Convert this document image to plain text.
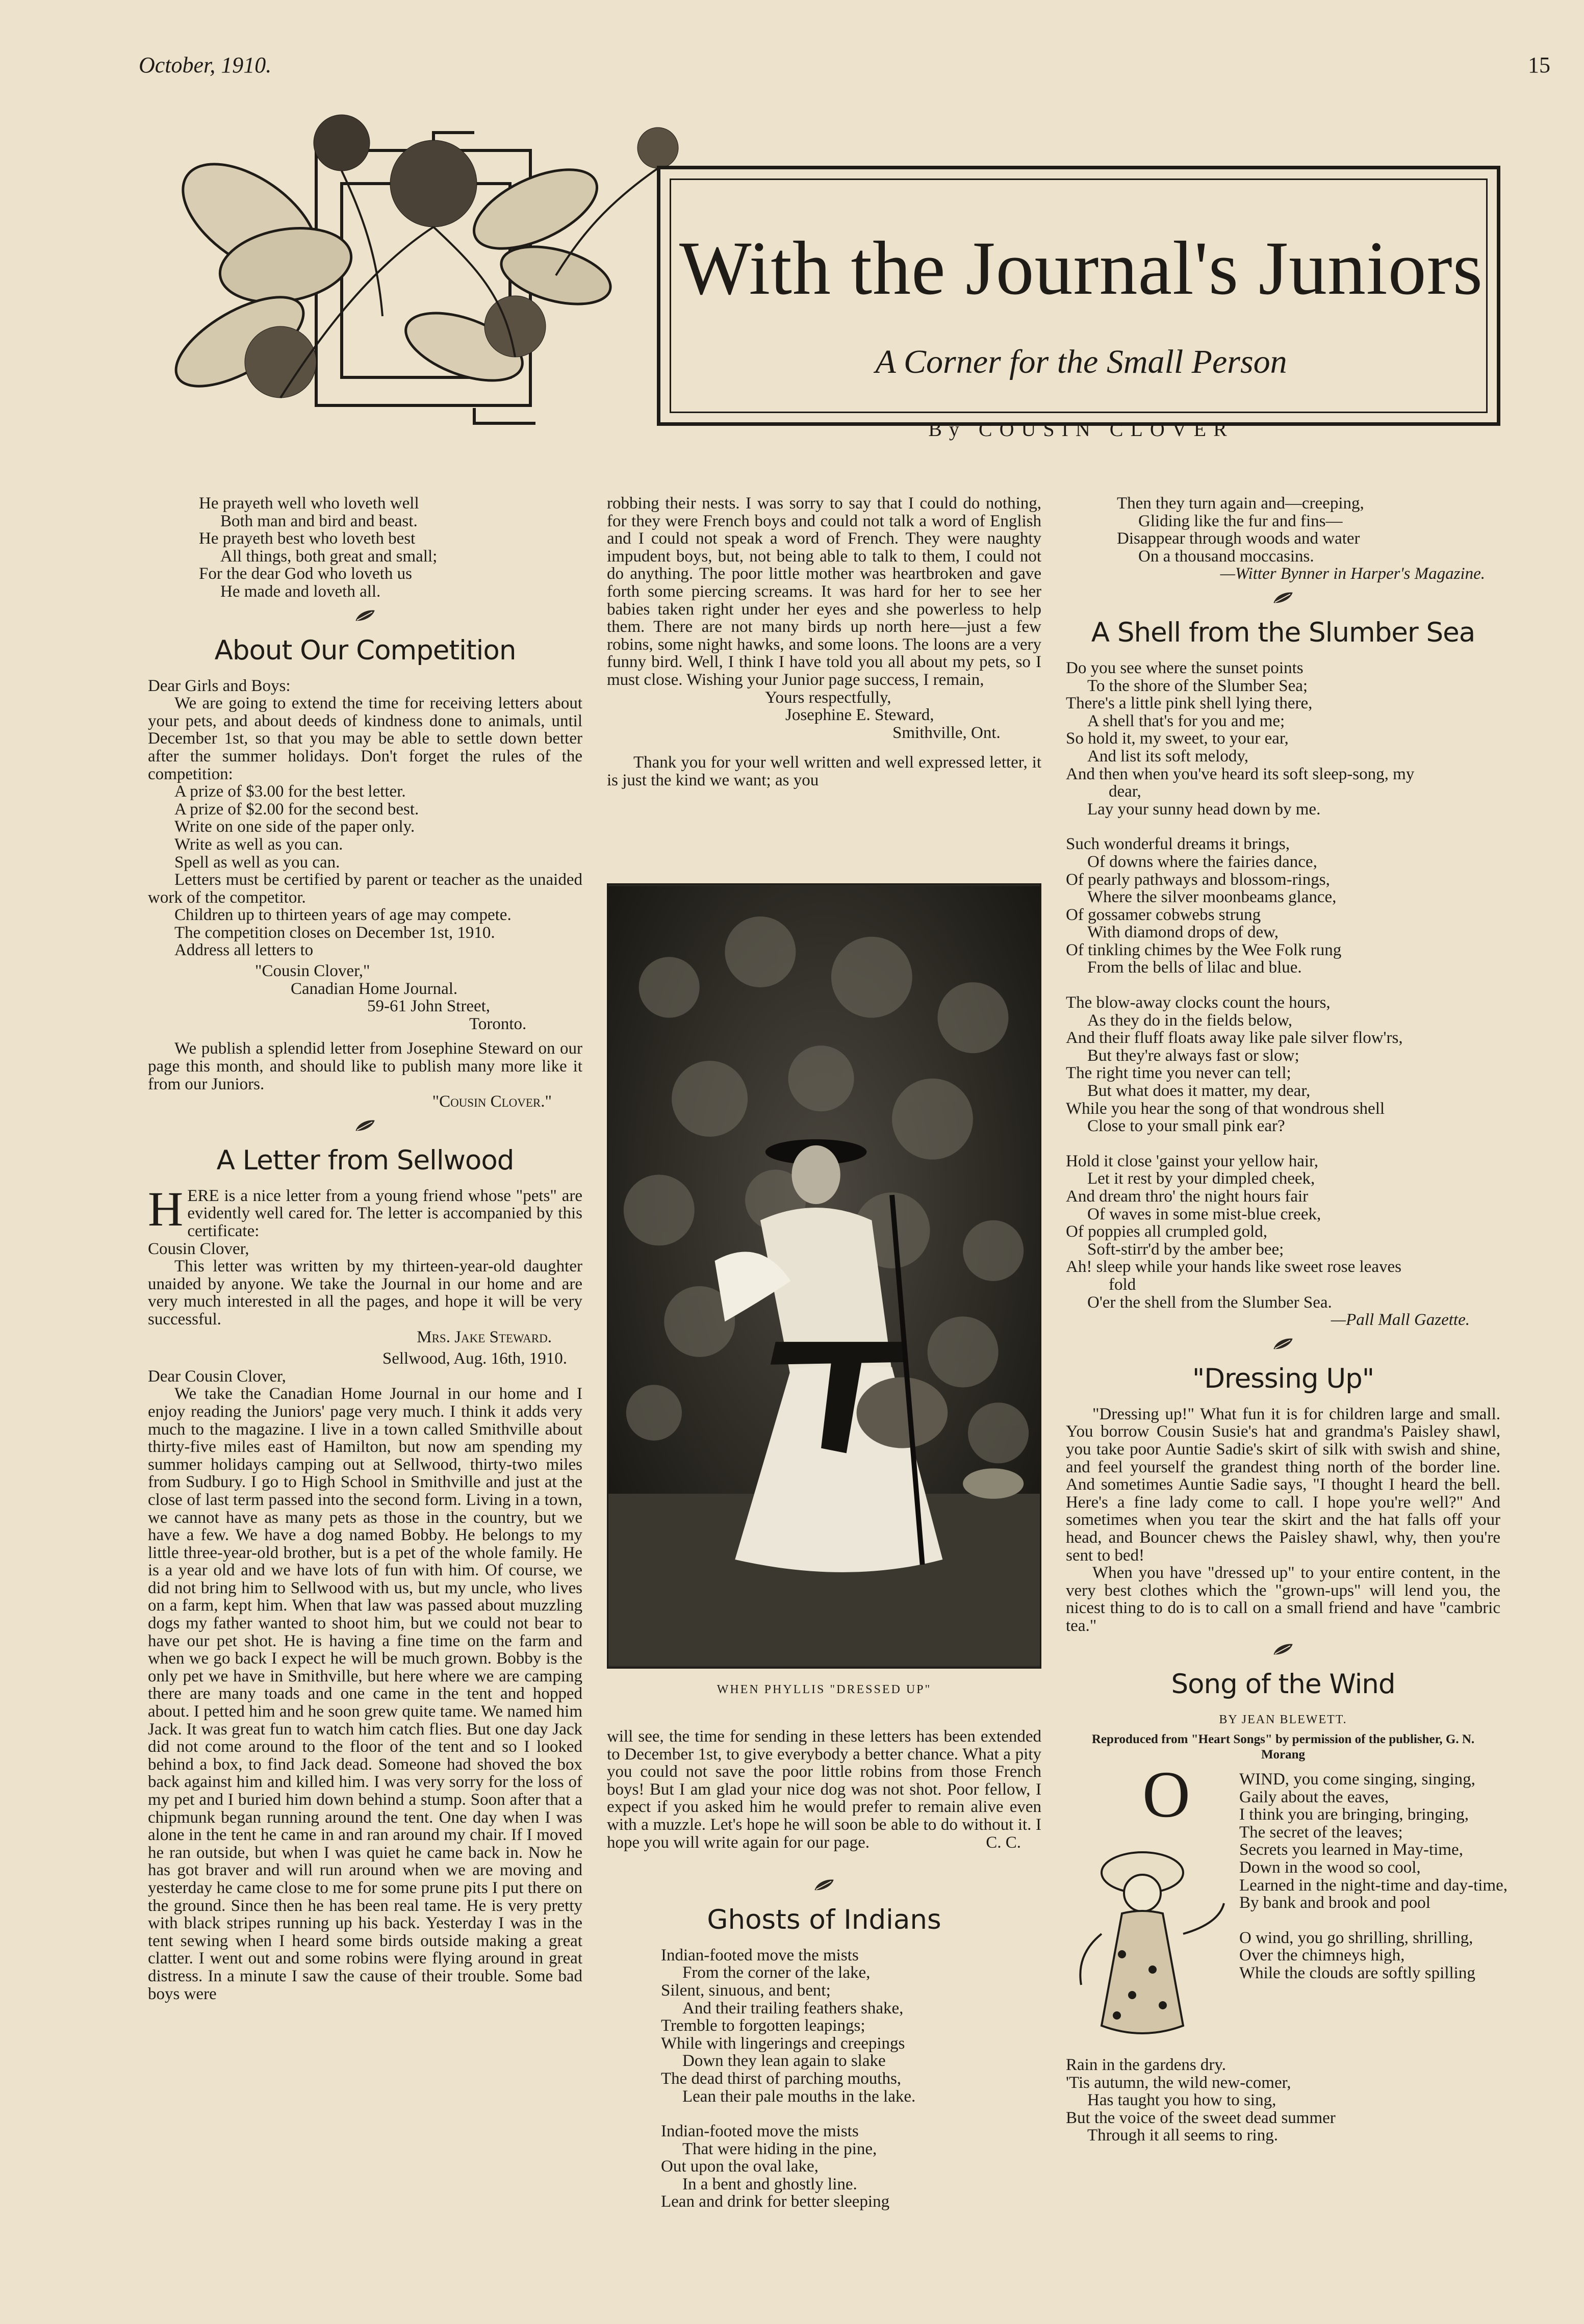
October, 1910.	15
With the Journal's Juniors
A Corner for the Small Person
By COUSIN CLOVER
He prayeth well who loveth well
Both man and bird and beast.
He prayeth best who loveth best
All things, both great and small;
For the dear God who loveth us
He made and loveth all.
About Our Competition

Dear Girls and Boys:

We are going to extend the time for receiving letters about your pets, and about deeds of kindness done to animals, until December 1st, so that you may be able to settle down better after the summer holidays. Don't forget the rules of the competition:

A prize of $3.00 for the best letter.

A prize of $2.00 for the second best.

Write on one side of the paper only.

Write as well as you can.

Spell as well as you can.

Letters must be certified by parent or teacher as the unaided work of the competitor.

Children up to thirteen years of age may compete.

The competition closes on December 1st, 1910.

Address all letters to

"Cousin Clover,"
Canadian Home Journal.
59-61 John Street,
Toronto.

We publish a splendid letter from Josephine Steward on our page this month, and should like to publish many more like it from our Juniors.

"Cousin Clover."

A Letter from Sellwood

HERE is a nice letter from a young friend whose "pets" are evidently well cared for. The letter is accompanied by this certificate:

Cousin Clover,

This letter was written by my thirteen-year-old daughter unaided by anyone. We take the Journal in our home and are very much interested in all the pages, and hope it will be very successful.

Mrs. Jake Steward.

Sellwood, Aug. 16th, 1910.

Dear Cousin Clover,

We take the Canadian Home Journal in our home and I enjoy reading the Juniors' page very much. I think it adds very much to the magazine. I live in a town called Smithville about thirty-five miles east of Hamilton, but now am spending my summer holidays camping out at Sellwood, thirty-two miles from Sudbury. I go to High School in Smithville and just at the close of last term passed into the second form. Living in a town, we cannot have as many pets as those in the country, but we have a few. We have a dog named Bobby. He belongs to my little three-year-old brother, but is a pet of the whole family. He is a year old and we have lots of fun with him. Of course, we did not bring him to Sellwood with us, but my uncle, who lives on a farm, kept him. When that law was passed about muzzling dogs my father wanted to shoot him, but we could not bear to have our pet shot. He is having a fine time on the farm and when we go back I expect he will be much grown. Bobby is the only pet we have in Smithville, but here where we are camping there are many toads and one came in the tent and hopped about. I petted him and he soon grew quite tame. We named him Jack. It was great fun to watch him catch flies. But one day Jack did not come around to the floor of the tent and so I looked behind a box, to find Jack dead. Someone had shoved the box back against him and killed him. I was very sorry for the loss of my pet and I buried him down behind a stump. Soon after that a chipmunk began running around the tent. One day when I was alone in the tent he came in and ran around my chair. If I moved he ran outside, but when I was quiet he came back in. Now he has got braver and will run around when we are moving and yesterday he came close to me for some prune pits I put there on the ground. Since then he has been real tame. He is very pretty with black stripes running up his back. Yesterday I was in the tent sewing when I heard some birds outside making a great clatter. I went out and some robins were flying around in great distress. In a minute I saw the cause of their trouble. Some bad boys were

robbing their nests. I was sorry to say that I could do nothing, for they were French boys and could not talk a word of English and I could not speak a word of French. They were naughty impudent boys, but, not being able to talk to them, I could not do anything. The poor little mother was heartbroken and gave forth some piercing screams. It was hard for her to see her babies taken right under her eyes and she powerless to help them. There are not many birds up north here—just a few robins, some night hawks, and some loons. The loons are a very funny bird. Well, I think I have told you all about my pets, so I must close. Wishing your Junior page success, I remain,

Yours respectfully,
Josephine E. Steward,
Smithville, Ont.

Thank you for your well written and well expressed letter, it is just the kind we want; as you

WHEN PHYLLIS "DRESSED UP"

will see, the time for sending in these letters has been extended to December 1st, to give everybody a better chance. What a pity you could not save the poor little robins from those French boys! But I am glad your nice dog was not shot. Poor fellow, I expect if you asked him he would prefer to remain alive even with a muzzle. Let's hope he will soon be able to do without it. I hope you will write again for our page.	C. C.

Ghosts of Indians
Indian-footed move the mists
From the corner of the lake,
Silent, sinuous, and bent;
And their trailing feathers shake,
Tremble to forgotten leapings;
While with lingerings and creepings
Down they lean again to slake
The dead thirst of parching mouths,
Lean their pale mouths in the lake.
Indian-footed move the mists
That were hiding in the pine,
Out upon the oval lake,
In a bent and ghostly line.
Lean and drink for better sleeping
Then they turn again and—creeping,
Gliding like the fur and fins—
Disappear through woods and water
On a thousand moccasins.

—Witter Bynner in Harper's Magazine.

A Shell from the Slumber Sea
Do you see where the sunset points
To the shore of the Slumber Sea;
There's a little pink shell lying there,
A shell that's for you and me;
So hold it, my sweet, to your ear,
And list its soft melody,
And then when you've heard its soft sleep-song, my
dear,
Lay your sunny head down by me.
Such wonderful dreams it brings,
Of downs where the fairies dance,
Of pearly pathways and blossom-rings,
Where the silver moonbeams glance,
Of gossamer cobwebs strung
With diamond drops of dew,
Of tinkling chimes by the Wee Folk rung
From the bells of lilac and blue.
The blow-away clocks count the hours,
As they do in the fields below,
And their fluff floats away like pale silver flow'rs,
But they're always fast or slow;
The right time you never can tell;
But what does it matter, my dear,
While you hear the song of that wondrous shell
Close to your small pink ear?
Hold it close 'gainst your yellow hair,
Let it rest by your dimpled cheek,
And dream thro' the night hours fair
Of waves in some mist-blue creek,
Of poppies all crumpled gold,
Soft-stirr'd by the amber bee;
Ah! sleep while your hands like sweet rose leaves
fold
O'er the shell from the Slumber Sea.

—Pall Mall Gazette.

"Dressing Up"

"Dressing up!" What fun it is for children large and small. You borrow Cousin Susie's hat and grandma's Paisley shawl, you take poor Auntie Sadie's skirt of silk with swish and shine, and feel yourself the grandest thing north of the border line. And sometimes Auntie Sadie says, "I thought I heard the bell. Here's a fine lady come to call. I hope you're well?" And sometimes when you tear the skirt and the hat falls off your head, and Bouncer chews the Paisley shawl, why, then you're sent to bed!

When you have "dressed up" to your entire content, in the very best clothes which the "grown-ups" will lend you, the nicest thing to do is to call on a small friend and have "cambric tea."

Song of the Wind

BY JEAN BLEWETT.

Reproduced from "Heart Songs" by permission of the publisher, G. N. Morang

O	WIND, you come singing, singing,
Gaily about the eaves,
I think you are bringing, bringing,
The secret of the leaves;
Secrets you learned in May-time,
Down in the wood so cool,
Learned in the night-time and day-time,
By bank and brook and pool
O wind, you go shrilling, shrilling,
Over the chimneys high,
While the clouds are softly spilling
Rain in the gardens dry.
'Tis autumn, the wild new-comer,
Has taught you how to sing,
But the voice of the sweet dead summer
Through it all seems to ring.
